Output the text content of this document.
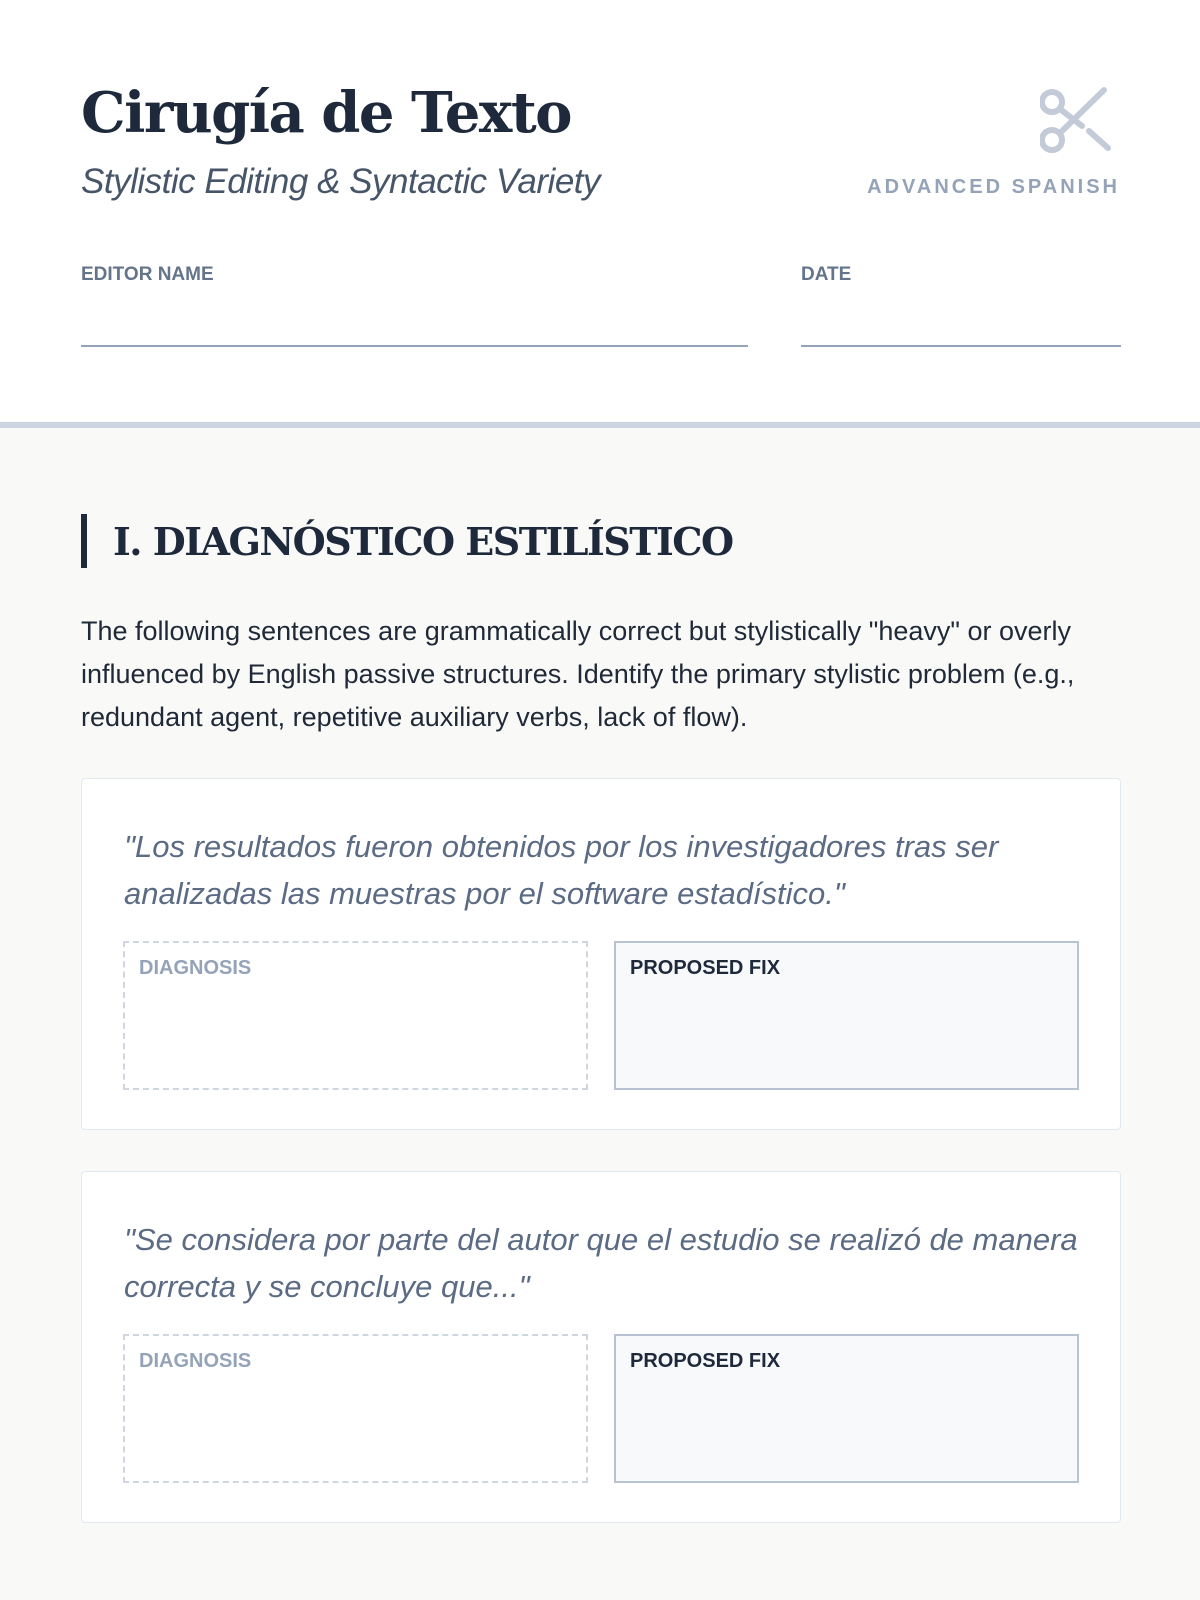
Cirugía de Texto
Stylistic Editing & Syntactic Variety	ADVANCED SPANISH
EDITOR NAME	DATE
I. DIAGNÓSTICO ESTILÍSTICO

The following sentences are grammatically correct but stylistically "heavy" or overly influenced by English passive structures. Identify the primary stylistic problem (e.g., redundant agent, repetitive auxiliary verbs, lack of flow).

"Los resultados fueron obtenidos por los investigadores tras ser analizadas las muestras por el software estadístico."

DIAGNOSIS	PROPOSED FIX

"Se considera por parte del autor que el estudio se realizó de manera correcta y se concluye que..."

DIAGNOSIS	PROPOSED FIX
